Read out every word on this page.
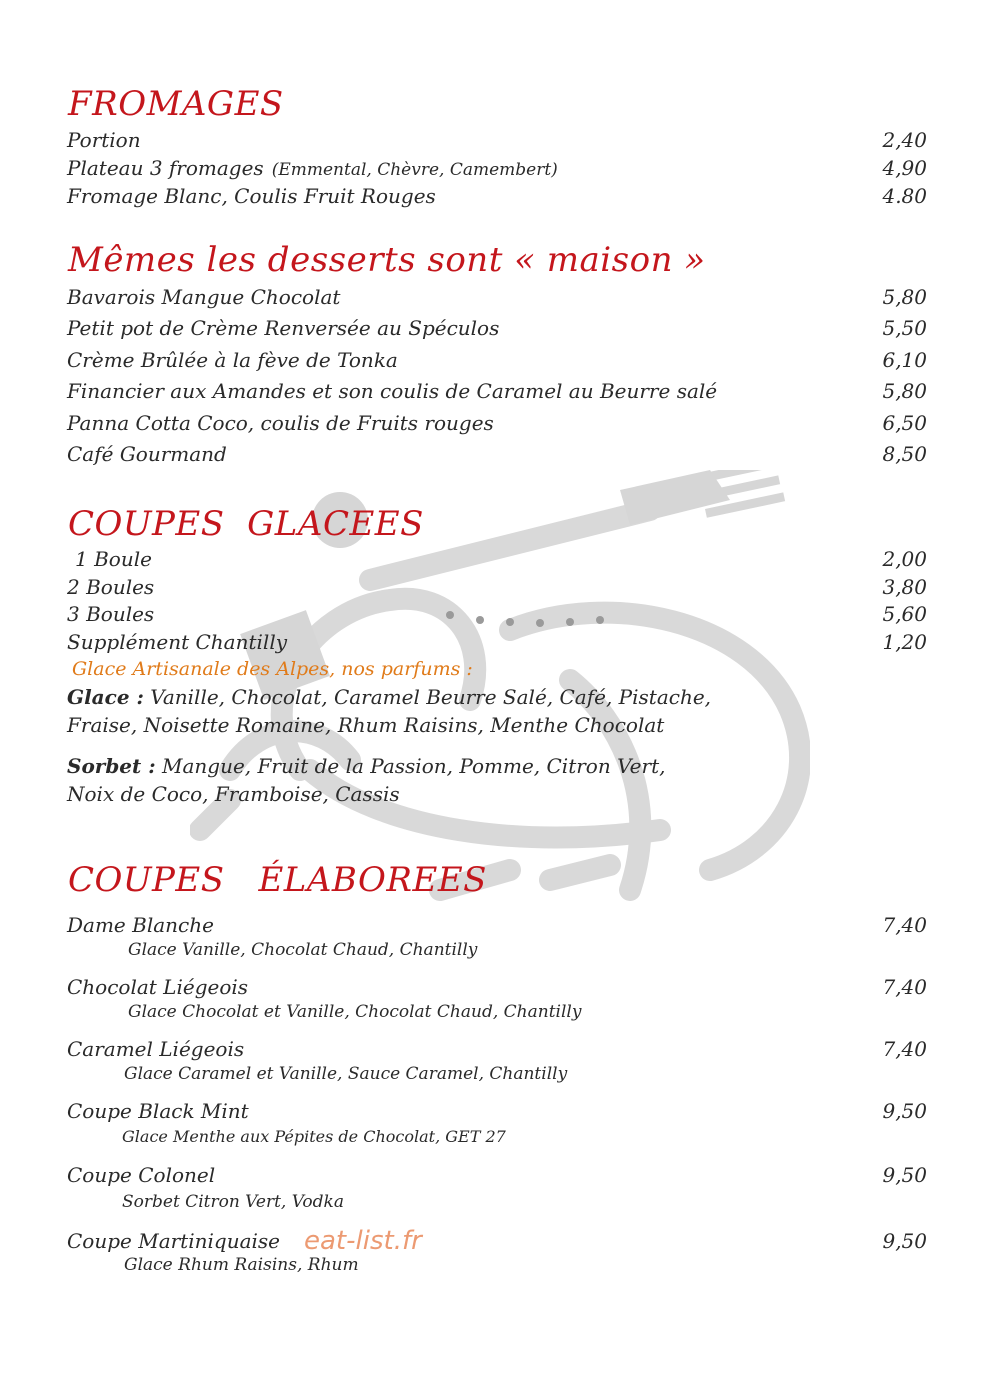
FROMAGES
Portion	2,40
Plateau 3 fromages (Emmental, Chèvre, Camembert)	4,90
Fromage Blanc, Coulis Fruit Rouges	4.80
Mêmes les desserts sont « maison »
Bavarois Mangue Chocolat	5,80
Petit pot de Crème Renversée au Spéculos	5,50
Crème Brûlée à la fève de Tonka	6,10
Financier aux Amandes et son coulis de Caramel au Beurre salé	5,80
Panna Cotta Coco, coulis de Fruits rouges	6,50
Café Gourmand	8,50
COUPES  GLACEES
1 Boule	2,00
2 Boules	3,80
3 Boules	5,60
Supplément Chantilly	1,20
Glace Artisanale des Alpes, nos parfums :
Glace : Vanille, Chocolat, Caramel Beurre Salé, Café, Pistache,
Fraise, Noisette Romaine, Rhum Raisins, Menthe Chocolat
Sorbet : Mangue, Fruit de la Passion, Pomme, Citron Vert,
Noix de Coco, Framboise, Cassis
COUPES   ÉLABOREES
Dame Blanche	7,40
Glace Vanille, Chocolat Chaud, Chantilly
Chocolat Liégeois	7,40
Glace Chocolat et Vanille, Chocolat Chaud, Chantilly
Caramel Liégeois	7,40
Glace Caramel et Vanille, Sauce Caramel, Chantilly
Coupe Black Mint	9,50
Glace Menthe aux Pépites de Chocolat, GET 27
Coupe Colonel	9,50
Sorbet Citron Vert, Vodka
Coupe Martiniquaise	9,50
Glace Rhum Raisins, Rhum
eat-list.fr
